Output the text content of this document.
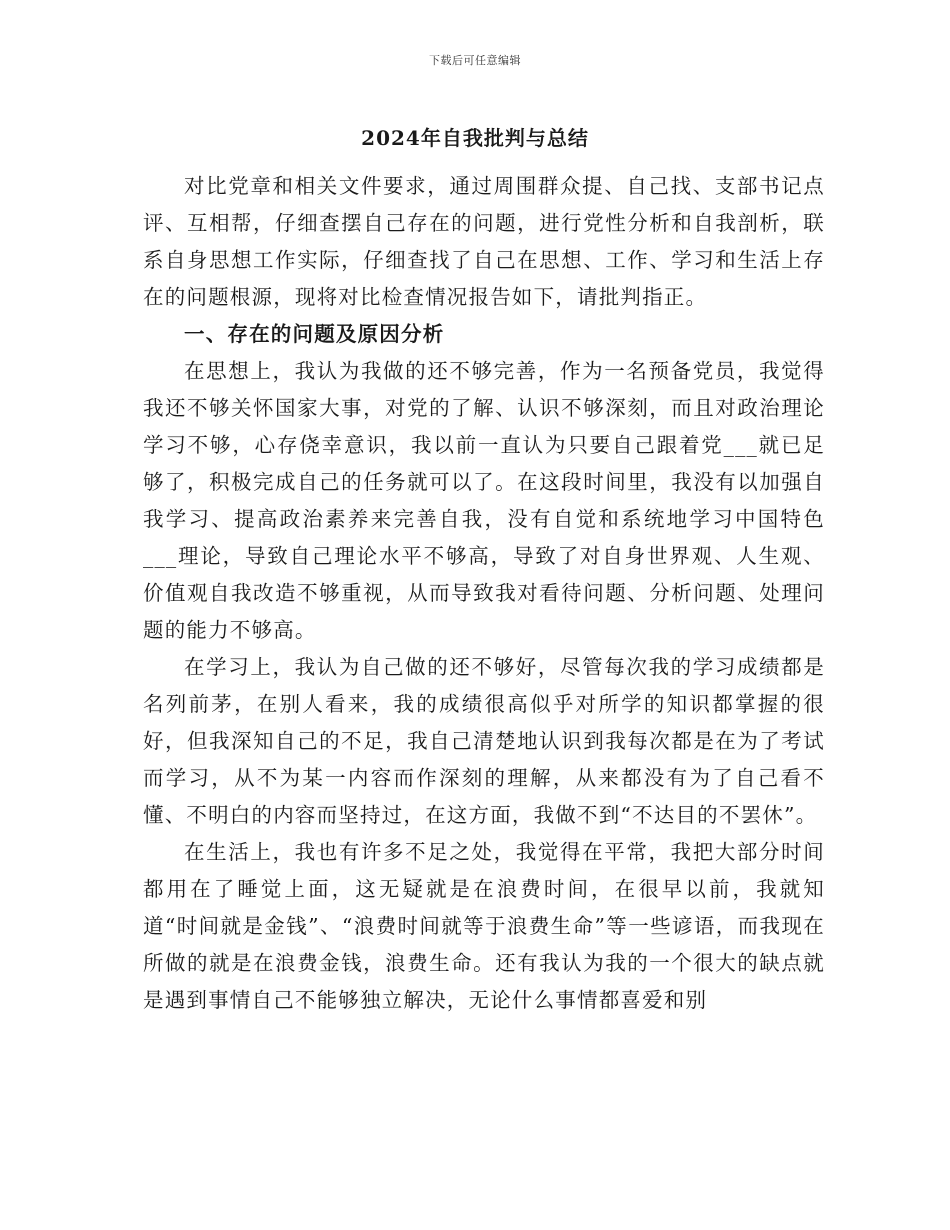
下载后可任意编辑
2024年自我批判与总结

对比党章和相关文件要求，通过周围群众提、自己找、支部书记点评、互相帮，仔细查摆自己存在的问题，进行党性分析和自我剖析，联系自身思想工作实际，仔细查找了自己在思想、工作、学习和生活上存在的问题根源，现将对比检查情况报告如下，请批判指正。

一、存在的问题及原因分析

在思想上，我认为我做的还不够完善，作为一名预备党员，我觉得我还不够关怀国家大事，对党的了解、认识不够深刻，而且对政治理论学习不够，心存侥幸意识，我以前一直认为只要自己跟着党___就已足够了，积极完成自己的任务就可以了。在这段时间里，我没有以加强自我学习、提高政治素养来完善自我，没有自觉和系统地学习中国特色___理论，导致自己理论水平不够高，导致了对自身世界观、人生观、价值观自我改造不够重视，从而导致我对看待问题、分析问题、处理问题的能力不够高。

在学习上，我认为自己做的还不够好，尽管每次我的学习成绩都是名列前茅，在别人看来，我的成绩很高似乎对所学的知识都掌握的很好，但我深知自己的不足，我自己清楚地认识到我每次都是在为了考试而学习，从不为某一内容而作深刻的理解，从来都没有为了自己看不懂、不明白的内容而坚持过，在这方面，我做不到“不达目的不罢休”。

在生活上，我也有许多不足之处，我觉得在平常，我把大部分时间都用在了睡觉上面，这无疑就是在浪费时间，在很早以前，我就知道“时间就是金钱”、“浪费时间就等于浪费生命”等一些谚语，而我现在所做的就是在浪费金钱，浪费生命。还有我认为我的一个很大的缺点就是遇到事情自己不能够独立解决，无论什么事情都喜爱和别
